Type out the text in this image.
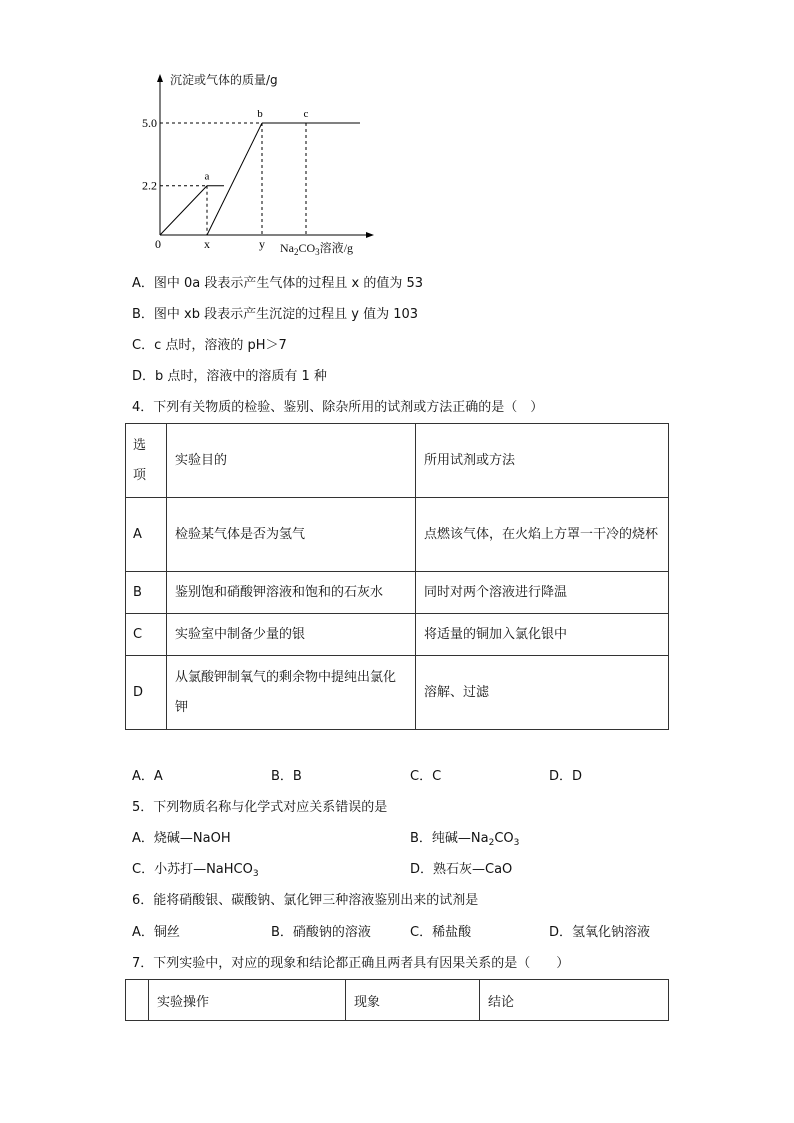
2.2
5.0
0	x	y
a
b	c
沉淀或气体的质量/g
$Na_2CO_3$溶液/g
A．图中 0a 段表示产生气体的过程且 x 的值为 53
B．图中 xb 段表示产生沉淀的过程且 y 值为 103
C．c 点时，溶液的 pH＞7
D．b 点时，溶液中的溶质有 1 种
4．下列有关物质的检验、鉴别、除杂所用的试剂或方法正确的是（　）
选项	实验目的	所用试剂或方法
A	检验某气体是否为氢气	点燃该气体，在火焰上方罩一干冷的烧杯

B	鉴别饱和硝酸钾溶液和饱和的石灰水	同时对两个溶液进行降温
C	实验室中制备少量的银	将适量的铜加入氯化银中
D	从氯酸钾制氧气的剩余物中提纯出氯化钾	溶解、过滤
A．A	B．B	C．C	D．D
5．下列物质名称与化学式对应关系错误的是
A．烧碱—NaOH	B．纯碱$—Na_2CO_3$
C．小苏打—NaHCO$_3$	D．熟石灰—CaO
6．能将硝酸银、碳酸钠、氯化钾三种溶液鉴别出来的试剂是
A．铜丝	B．硝酸钠的溶液	C．稀盐酸	D．氢氧化钠溶液
7．下列实验中，对应的现象和结论都正确且两者具有因果关系的是（　　）
	实验操作	现象	结论
